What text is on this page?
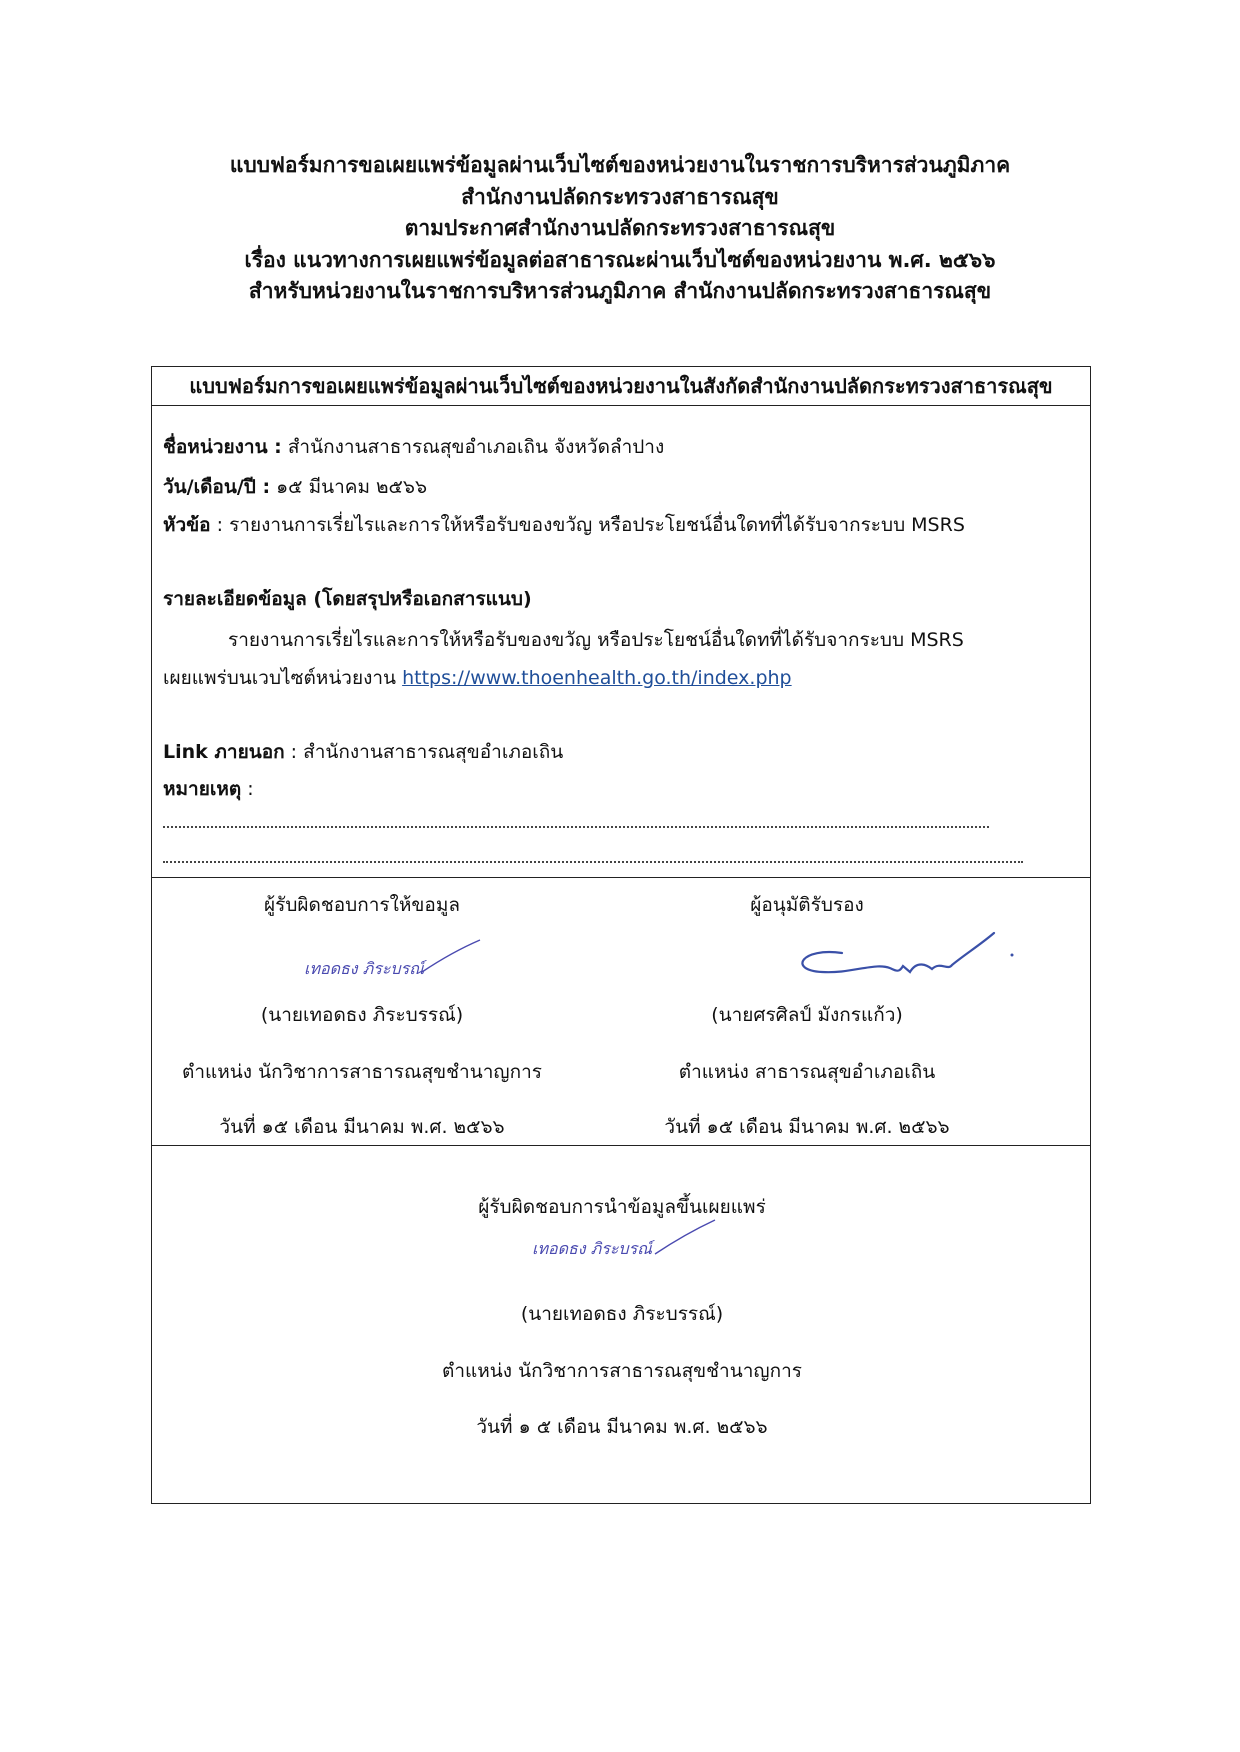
แบบฟอร์มการขอเผยแพร่ข้อมูลผ่านเว็บไซต์ของหน่วยงานในราชการบริหารส่วนภูมิภาค
สำนักงานปลัดกระทรวงสาธารณสุข
ตามประกาศสำนักงานปลัดกระทรวงสาธารณสุข
เรื่อง แนวทางการเผยแพร่ข้อมูลต่อสาธารณะผ่านเว็บไซต์ของหน่วยงาน พ.ศ. ๒๕๖๖
สำหรับหน่วยงานในราชการบริหารส่วนภูมิภาค สำนักงานปลัดกระทรวงสาธารณสุข
แบบฟอร์มการขอเผยแพร่ข้อมูลผ่านเว็บไซต์ของหน่วยงานในสังกัดสำนักงานปลัดกระทรวงสาธารณสุข
ชื่อหน่วยงาน : สำนักงานสาธารณสุขอำเภอเถิน จังหวัดลำปาง
วัน/เดือน/ปี : ๑๕ มีนาคม ๒๕๖๖
หัวข้อ : รายงานการเรี่ยไรและการให้หรือรับของขวัญ หรือประโยชน์อื่นใดทที่ได้รับจากระบบ MSRS
รายละเอียดข้อมูล (โดยสรุปหรือเอกสารแนบ)
รายงานการเรี่ยไรและการให้หรือรับของขวัญ หรือประโยชน์อื่นใดทที่ได้รับจากระบบ MSRS
เผยแพร่บนเวบไซต์หน่วยงาน https://www.thoenhealth.go.th/index.php
Link ภายนอก : สำนักงานสาธารณสุขอำเภอเถิน
หมายเหตุ :
ผู้รับผิดชอบการให้ขอมูล
เทอดธง ภิระบรณ์
(นายเทอดธง ภิระบรรณ์)
ตำแหน่ง นักวิชาการสาธารณสุขชำนาญการ
วันที่ ๑๕ เดือน มีนาคม พ.ศ. ๒๕๖๖
ผู้อนุมัติรับรอง
(นายศรศิลป์ มังกรแก้ว)
ตำแหน่ง สาธารณสุขอำเภอเถิน
วันที่ ๑๕ เดือน มีนาคม พ.ศ. ๒๕๖๖
ผู้รับผิดชอบการนำข้อมูลขึ้นเผยแพร่
เทอดธง ภิระบรณ์
(นายเทอดธง ภิระบรรณ์)
ตำแหน่ง นักวิชาการสาธารณสุขชำนาญการ
วันที่ ๑ ๕ เดือน มีนาคม พ.ศ. ๒๕๖๖
